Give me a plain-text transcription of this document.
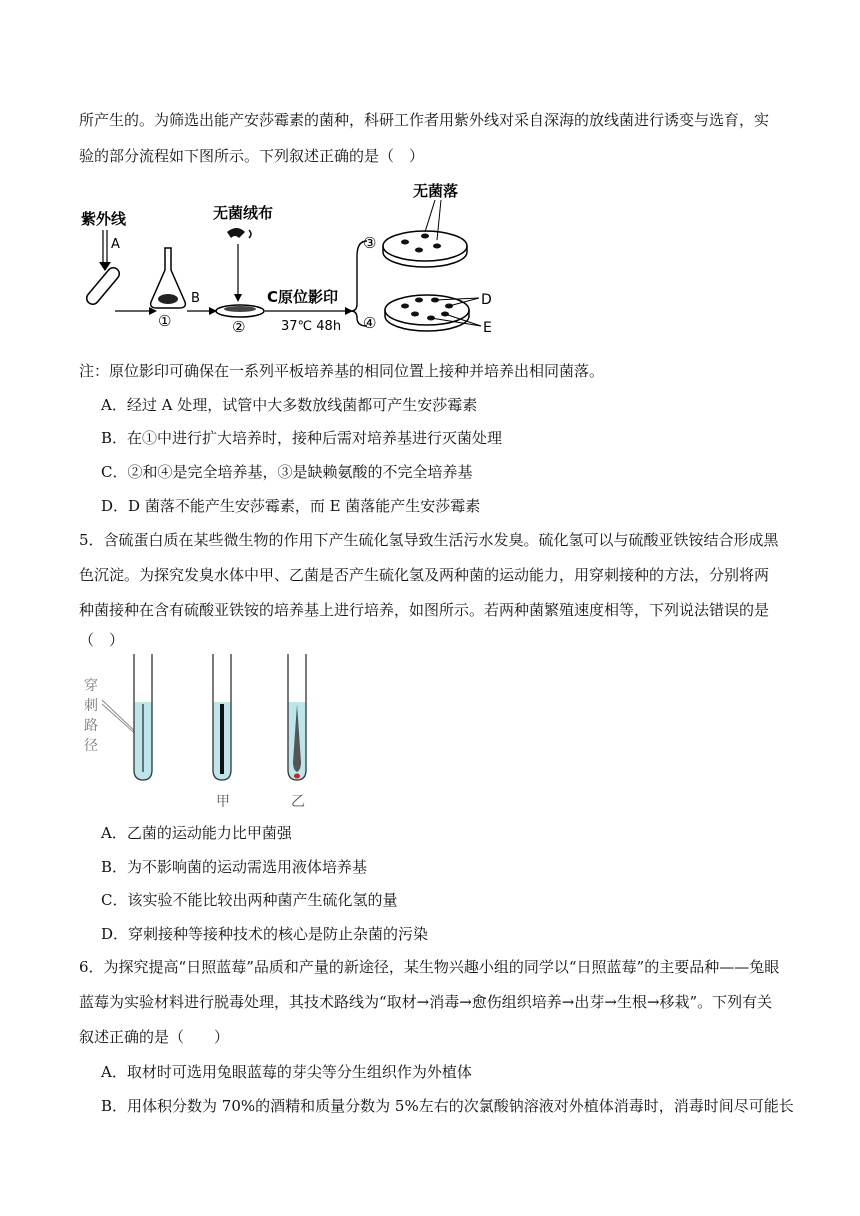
所产生的。为筛选出能产安莎霉素的菌种，科研工作者用紫外线对采自深海的放线菌进行诱变与选育，实
验的部分流程如下图所示。下列叙述正确的是（　）
紫外线
A
①
B
无菌绒布
②
C原位影印
37℃ 48h
③
④
无菌落
D
E
注：原位影印可确保在一系列平板培养基的相同位置上接种并培养出相同菌落。
A．经过 A 处理，试管中大多数放线菌都可产生安莎霉素
B．在①中进行扩大培养时，接种后需对培养基进行灭菌处理
C．②和④是完全培养基，③是缺赖氨酸的不完全培养基
D．D 菌落不能产生安莎霉素，而 E 菌落能产生安莎霉素
5．含硫蛋白质在某些微生物的作用下产生硫化氢导致生活污水发臭。硫化氢可以与硫酸亚铁铵结合形成黑
色沉淀。为探究发臭水体中甲、乙菌是否产生硫化氢及两种菌的运动能力，用穿刺接种的方法，分别将两
种菌接种在含有硫酸亚铁铵的培养基上进行培养，如图所示。若两种菌繁殖速度相等，下列说法错误的是
（　）
穿
刺
路
径
甲	乙
A．乙菌的运动能力比甲菌强
B．为不影响菌的运动需选用液体培养基
C．该实验不能比较出两种菌产生硫化氢的量
D．穿刺接种等接种技术的核心是防止杂菌的污染
6．为探究提高“日照蓝莓”品质和产量的新途径，某生物兴趣小组的同学以“日照蓝莓”的主要品种——兔眼
蓝莓为实验材料进行脱毒处理，其技术路线为“取材→消毒→愈伤组织培养→出芽→生根→移栽”。下列有关
叙述正确的是（　　）
A．取材时可选用兔眼蓝莓的芽尖等分生组织作为外植体
B．用体积分数为 70%的酒精和质量分数为 5%左右的次氯酸钠溶液对外植体消毒时，消毒时间尽可能长
